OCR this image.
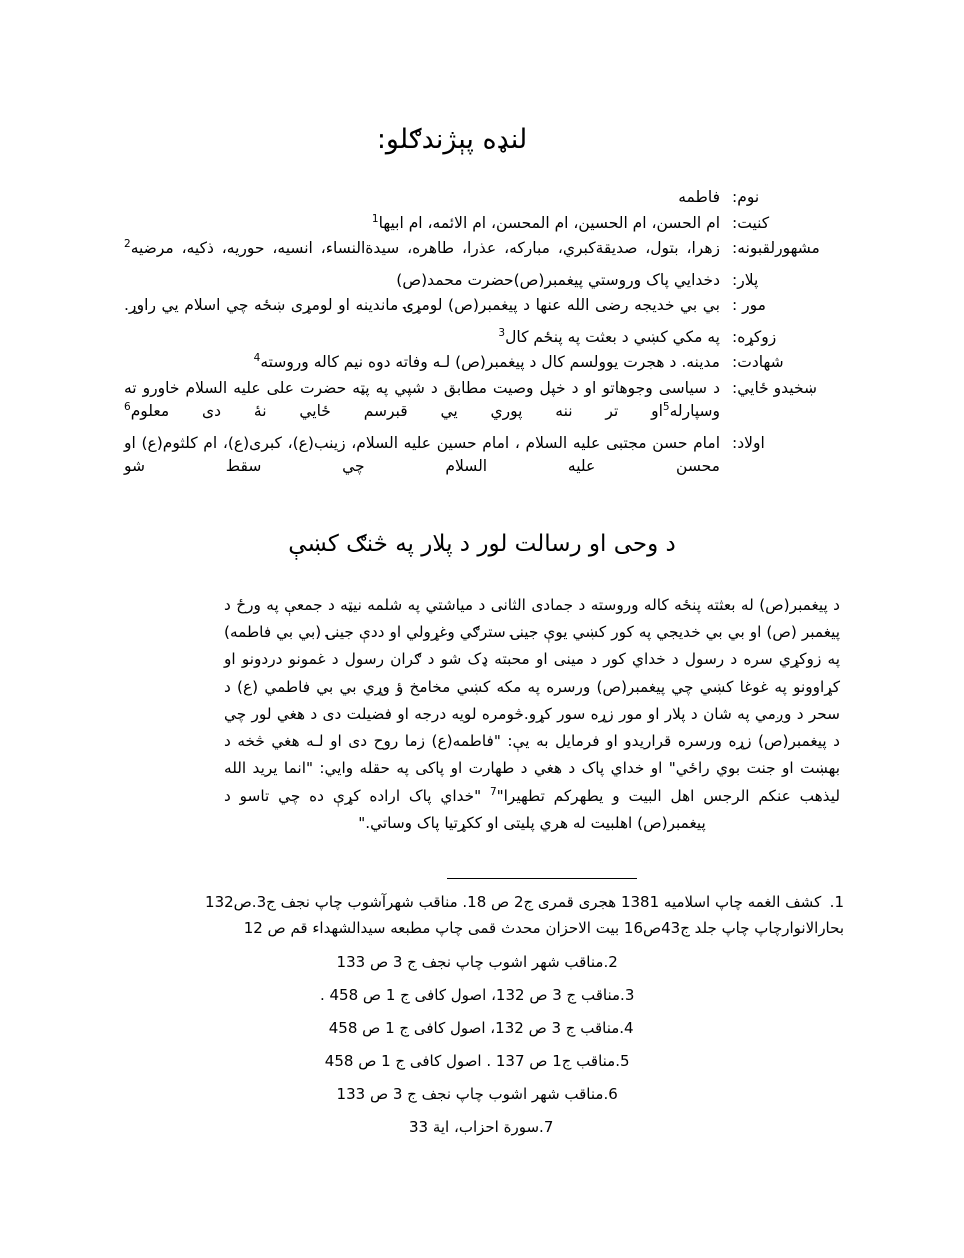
لنډه پېژندګلو:
نوم:	فاطمه
کنیت:	ام الحسن، ام الحسین، ام المحسن، ام الائمه، ام ابیها$^1$
مشهورلقبونه:	زهرا، بتول، صدیقةکبري، مبارکه، عذرا، طاهره، سیدةالنساء، انسیه، حوریه، ذکیه، مرضیه$^2$
پلار:	دخدایي پاک وروستي پیغمبر(ص)حضرت محمد(ص)
مور :	بي بي خدیجه رضی الله عنها د پیغمبر(ص) لومړۍ ماندینه او لومړی ښځه چي اسلام یي راوړ.
زوکړه:	په مکي کښي د بعثت په پنځم کال$^3$
شهادت:	مدینه. د هجرت یوولسم کال د پیغمبر(ص) لـه وفاته دوه نیم کاله وروسته$^4$
ښخیدو ځایي:	د سیاسی وجوهاتو او د خپل وصیت مطابق د شپي په پټه حضرت علی علیه السلام خاورو ته وسپارله$^5$او تر ننه پوري یي قبرسم ځایي نۀ دی معلوم$^6$
اولاد:	امام حسن مجتبی علیه السلام ، امام حسین علیه السلام، زینب(ع)، کبری(ع)، ام کلثوم(ع) او محسن علیه السلام چي سقط شو
د وحی او رسالت لور د پلار په څنګ کښې
د پیغمبر(ص) له بعثته پنځه کاله وروسته د جمادی الثانی د میاشتي په شلمه نیټه د جمعې په ورځ د پیغمبر (ص) او بي بي خدیجي په کور کښي یوې جینۍ سترګي وغړولي او ددې جینۍ (بي بي فاطمه) په زوکړي سره د رسول د خداي کور د مینی او محبته ډک شو د ګران رسول د غمونو دردونو او کړاوونو په غوغا کښي چي پیغمبر(ص) ورسره په مکه کښي مخامخ ؤ وړي بي بي فاطمي (ع) د سحر د وږمي په شان د پلار او مور زړه سور کړو.څومره لویه درجه او فضیلت دی د هغي لور چي د پیغمبر(ص) زړه ورسره قراریدو او فرمایل به یې: "فاطمه(ع) زما روح دی او لـه هغي څخه د بهښت او جنت بوي راځي" او خداي پاک د هغي د طهارت او پاکی په حقله وایي: "انما یرید الله لیذهب عنکم الرجس اهل البیت و یطهرکم تطهیرا"$^7$ "خداي پاک اراده کړې ده چي تاسو د پیغمبر(ص) اهلبیت له هري پلیتی او ککړتیا پاک وساتي."
1. کشف الغمه چاپ اسلامیه 1381 هجری قمری ج2 ص 18. مناقب شهرآشوب چاپ نجف ج3.ص132
بحارالانوارچاپ چاپ جلد ج43ص16 بیت الاحزان محدث قمی چاپ مطبعه سیدالشهداء قم ص 12
2.
مناقب شهر اشوب چاپ نجف ج 3 ص 133
3.
مناقب ج 3 ص 132، اصول کافی ج 1 ص 458 .
4.
مناقب ج 3 ص 132، اصول کافی ج 1 ص 458
5.
مناقب ج1 ص 137 . اصول کافی ج 1 ص 458
6.
مناقب شهر اشوب چاپ نجف ج 3 ص 133
7.
سورة احزاب، ایة 33
